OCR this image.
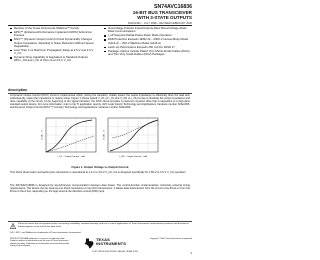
SN74AVC16836
16-BIT BUS TRANSCEIVER
WITH 3-STATE OUTPUTS
SCES146C – JULY 1998 – REVISED FEBRUARY 2000
Member of the Texas Instruments Widebus™ Family
EPIC™ (Enhanced-Performance Implanted CMOS) Submicron Process
DOC™ (Dynamic Output Control) Circuit Dynamically Changes Output Impedance, Resulting in Noise Reduction Without Speed Degradation
Less Than 2-ns Maximum Propagation Delay at 2.5-V and 3.3-V V_CC
Dynamic Drive Capability Is Equivalent to Standard Outputs With I_OH and I_OL of ±24 mA at 2.5-V V_CC
Overvoltage-Tolerant Inputs/Outputs Allow Mixed-Voltage-Mode Data Communications
I_off Supports Partial-Power-Down Mode Operation
ESD Protection Exceeds JESD 22 – 2000-V Human-Body Model (A114-A) – 200-V Machine Model (A115-A)
Latch-Up Performance Exceeds 250 mA Per JESD 17
Package Options Include Plastic Thin Shrink Small-Outline (DGG) and Thin Very Small-Outline (DGV) Packages
description
A Dynamic Output Control (DOC) circuit is implemented which, during the transition, initially lowers the output impedance to effectively drive the load and, subsequently, raises the impedance to reduce noise. Figure 1 shows typical V_OL vs I_OL and V_OH vs I_OH curves to illustrate the output impedance and drive capability of the circuit. At the beginning of the signal transition, the DOC circuit provides a maximum dynamic drive that is equivalent to a high-drive standard-output device. For more information, refer to the TI application reports, AVC Logic Family Technology and Applications, literature number SCEA006, and Dynamic Output Control (DOC™) Circuitry Technology and Applications, literature number SCEA009.
I_OL – Output Current – mA
V_OL – V
I_OH – Output Current – mA
V_OH – V
Figure 1. Output Voltage vs Output Current
This 16-bit (dual octal) noninverting bus transceiver is operational at 1.2-V to 3.6-V V_CC, but is designed specifically for 1.65-V to 3.6-V V_CC operation.
The SN74AVC16836 is designed for asynchronous communication between data buses. The control-function implementation minimizes external timing requirements. The device can be used as one 16-bit transceiver or two 8-bit transceivers. It allows data transmission from the A bus to the B bus or from the B bus to the A bus, depending on the logic level at the direction-control (DIR) input.
Please be aware that an important notice concerning availability, standard warranty, and use in critical applications of Texas Instruments semiconductor products and disclaimers thereto appears at the end of this data sheet.
DOC, EPIC, and Widebus are trademarks of Texas Instruments Incorporated.
PRODUCTION DATA information is current as of publication date. Products conform to specifications per the terms of Texas Instruments standard warranty. Production processing does not necessarily include testing of all parameters.
TEXAS
INSTRUMENTS
POST OFFICE BOX 655303 • DALLAS, TEXAS 75265
Copyright © 2000, Texas Instruments Incorporated
1
